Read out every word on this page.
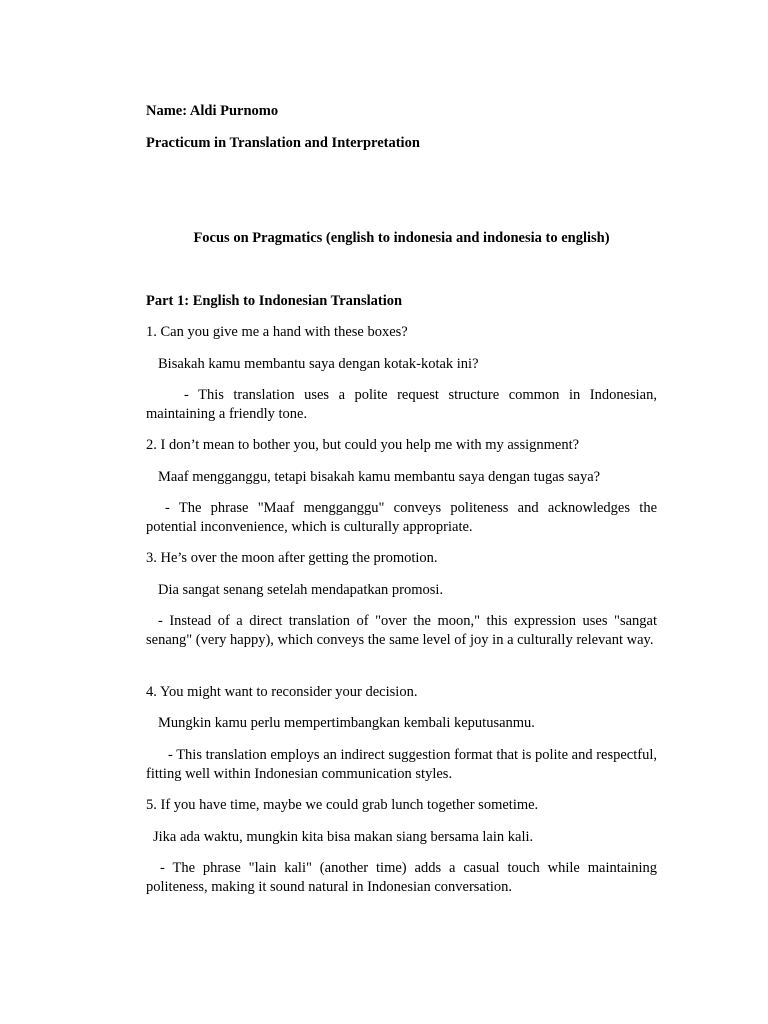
Name: Aldi Purnomo

Practicum in Translation and Interpretation

Focus on Pragmatics (english to indonesia and indonesia to english)

Part 1: English to Indonesian Translation

1. Can you give me a hand with these boxes?

Bisakah kamu membantu saya dengan kotak-kotak ini?

- This translation uses a polite request structure common in Indonesian, maintaining a friendly tone.

2. I don’t mean to bother you, but could you help me with my assignment?

Maaf mengganggu, tetapi bisakah kamu membantu saya dengan tugas saya?

- The phrase "Maaf mengganggu" conveys politeness and acknowledges the potential inconvenience, which is culturally appropriate.

3. He’s over the moon after getting the promotion.

Dia sangat senang setelah mendapatkan promosi.

- Instead of a direct translation of "over the moon," this expression uses "sangat senang" (very happy), which conveys the same level of joy in a culturally relevant way.

4. You might want to reconsider your decision.

Mungkin kamu perlu mempertimbangkan kembali keputusanmu.

- This translation employs an indirect suggestion format that is polite and respectful, fitting well within Indonesian communication styles.

5. If you have time, maybe we could grab lunch together sometime.

Jika ada waktu, mungkin kita bisa makan siang bersama lain kali.

- The phrase "lain kali" (another time) adds a casual touch while maintaining politeness, making it sound natural in Indonesian conversation.
